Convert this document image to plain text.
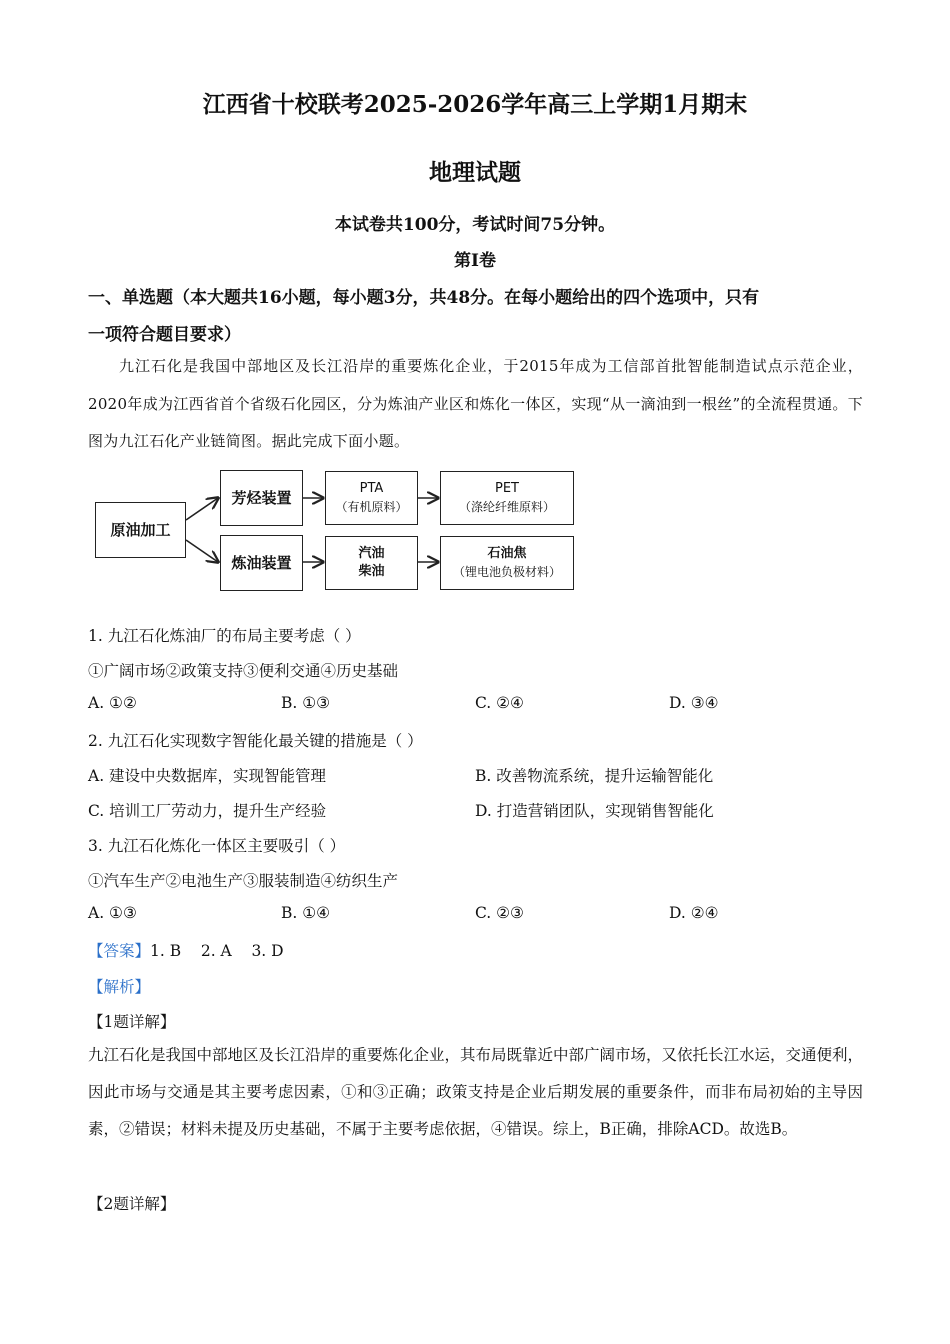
江西省十校联考2025-2026学年高三上学期1月期末
地理试题

本试卷共100分，考试时间75分钟。

第I卷

一、单选题（本大题共16小题，每小题3分，共48分。在每小题给出的四个选项中，只有

一项符合题目要求）

九江石化是我国中部地区及长江沿岸的重要炼化企业，于2015年成为工信部首批智能制造试点示范企业，2020年成为江西省首个省级石化园区，分为炼油产业区和炼化一体区，实现“从一滴油到一根丝”的全流程贯通。下图为九江石化产业链简图。据此完成下面小题。

原油加工
芳烃装置
炼油装置
PTA
（有机原料）
PET
（涤纶纤维原料）
汽油
柴油
石油焦
（锂电池负极材料）

1. 九江石化炼油厂的布局主要考虑（ ）

①广阔市场②政策支持③便利交通④历史基础

A. ①②	B. ①③	C. ②④	D. ③④

2. 九江石化实现数字智能化最关键的措施是（ ）

A. 建设中央数据库，实现智能管理	B. 改善物流系统，提升运输智能化

C. 培训工厂劳动力，提升生产经验	D. 打造营销团队，实现销售智能化

3. 九江石化炼化一体区主要吸引（ ）

①汽车生产②电池生产③服装制造④纺织生产

A. ①③	B. ①④	C. ②③	D. ②④

【答案】1. B    2. A    3. D

【解析】

【1题详解】

九江石化是我国中部地区及长江沿岸的重要炼化企业，其布局既靠近中部广阔市场，又依托长江水运，交通便利，因此市场与交通是其主要考虑因素，①和③正确；政策支持是企业后期发展的重要条件，而非布局初始的主导因素，②错误；材料未提及历史基础，不属于主要考虑依据，④错误。综上，B正确，排除ACD。故选B。

【2题详解】
